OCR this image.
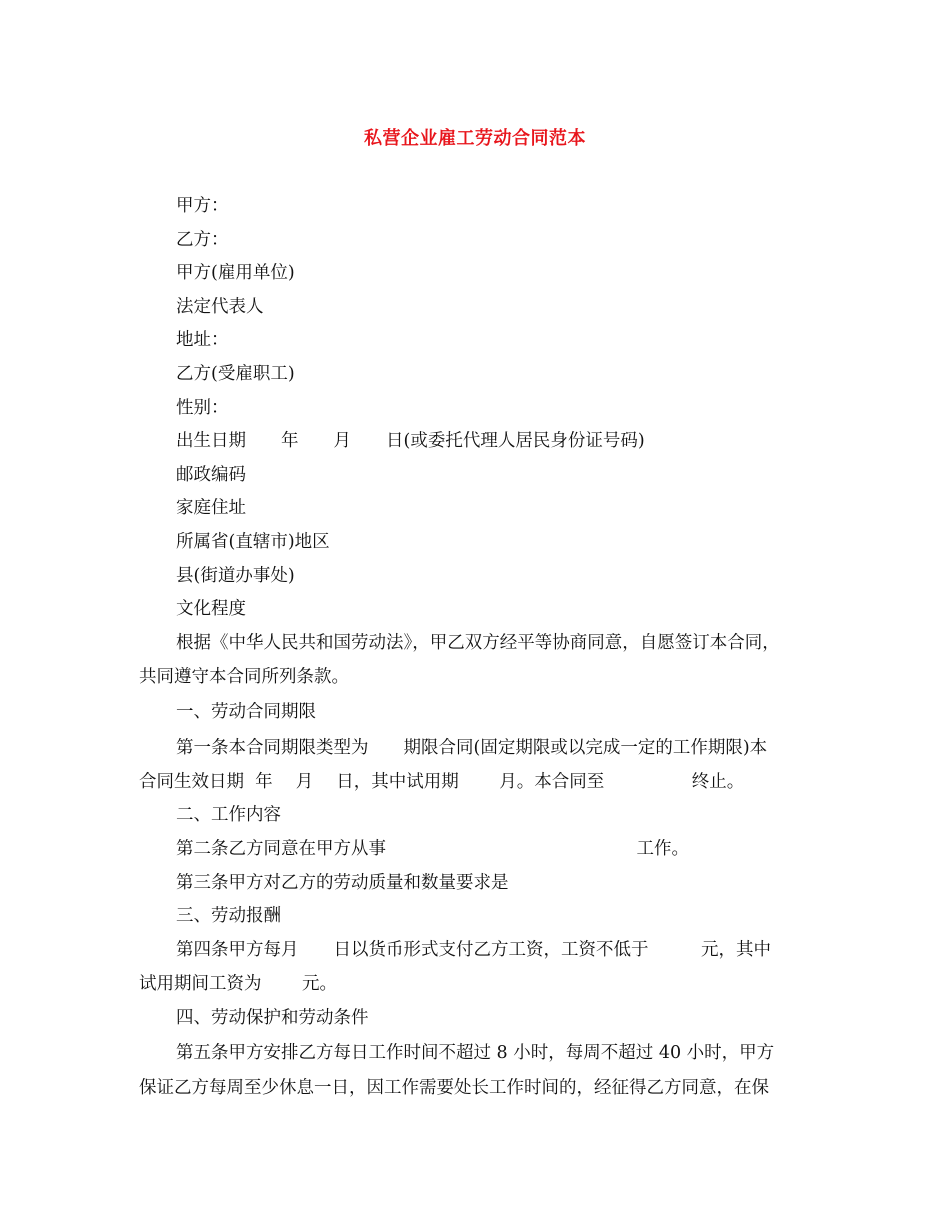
私营企业雇工劳动合同范本
甲方：
乙方：
甲方(雇用单位)
法定代表人
地址：
乙方(受雇职工)
性别：
出生日期　　年　　月　　日(或委托代理人居民身份证号码)
邮政编码
家庭住址
所属省(直辖市)地区
县(街道办事处)
文化程度
根据《中华人民共和国劳动法》，甲乙双方经平等协商同意，自愿签订本合同，
共同遵守本合同所列条款。
一、劳动合同期限
第一条本合同期限类型为　　期限合同(固定期限或以完成一定的工作期限)本
合同生效日期  年　 月　 日，其中试用期　　 月。本合同至　　　　　终止。
二、工作内容
第二条乙方同意在甲方从事　　　　　　　　　　　　　　 工作。
第三条甲方对乙方的劳动质量和数量要求是
三、劳动报酬
第四条甲方每月　　日以货币形式支付乙方工资，工资不低于　　　元，其中
试用期间工资为　　 元。
四、劳动保护和劳动条件
第五条甲方安排乙方每日工作时间不超过 8 小时，每周不超过 40 小时，甲方
保证乙方每周至少休息一日，因工作需要处长工作时间的，经征得乙方同意，在保
